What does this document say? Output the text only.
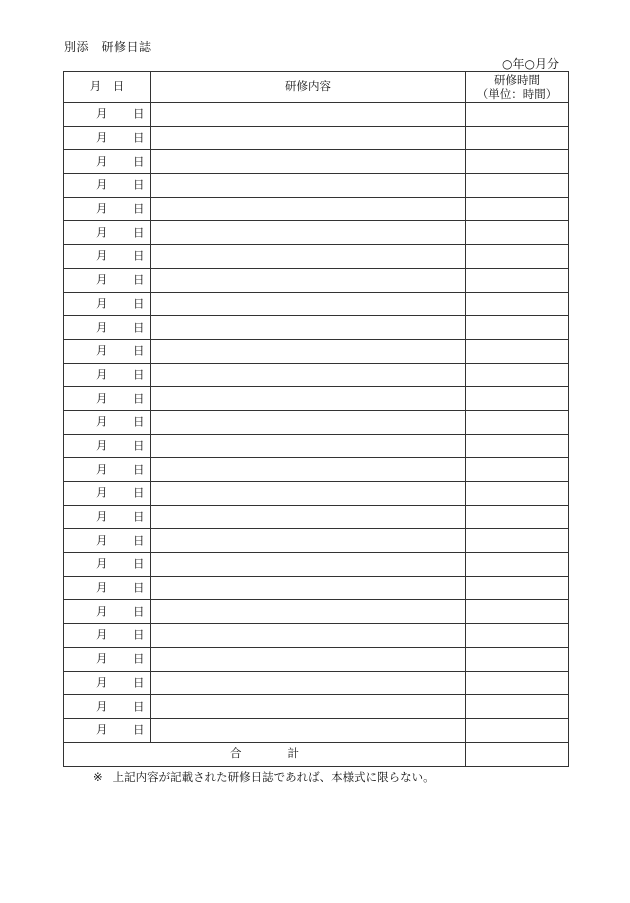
別添　研修日誌
○年○月分
月　日	研修内容	研修時間
（単位：時間）

月 日		

月 日		

月 日		

月 日		

月 日		

月 日		

月 日		

月 日		

月 日		

月 日		

月 日		

月 日		

月 日		

月 日		

月 日		

月 日		

月 日		

月 日		

月 日		

月 日		

月 日		

月 日		

月 日		

月 日		

月 日		

月 日		

月 日		

合計		
※ 上記内容が記載された研修日誌であれば、本様式に限らない。
